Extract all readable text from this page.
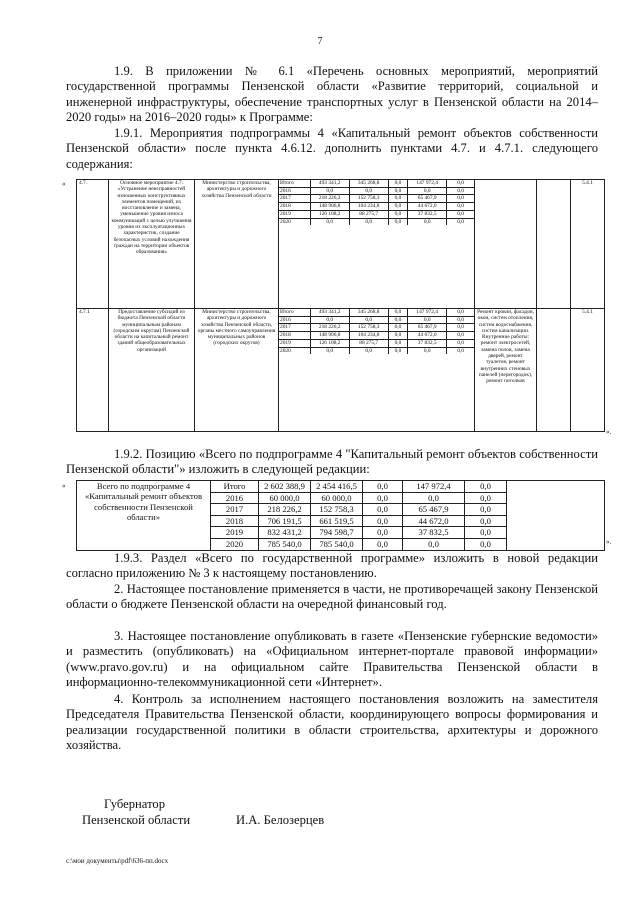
7

1.9. В приложении № 6.1 «Перечень основных мероприятий, мероприятий государственной программы Пензенской области «Развитие территорий, социальной и инженерной инфраструктуры, обеспечение транспортных услуг в Пензенской области на 2014–2020 годы» на 2016–2020 годы» к Программе:

1.9.1. Мероприятия подпрограммы 4 «Капитальный ремонт объектов собственности Пензенской области» после пункта 4.6.12. дополнить пунктами 4.7. и 4.7.1. следующего содержания:

«	4.7.	Основное мероприятие 4.7. «Устранение неисправностей изношенных конструктивных элементов помещений, их восстановление и замена, уменьшение уровня износа коммуникаций с целью улучшения уровня их эксплуатационных характеристик, создание безопасных условий нахождения граждан на территории объектов образования»	Министерство строительства, архитектуры и дорожного хозяйства Пензенской области	
Итого	493 341,2	345 268,8	0,0	147 972,4	0,0
2016	0,0	0,0	0,0	0,0	0,0
2017	218 226,2	152 758,3	0,0	65 467,9	0,0
2018	148 906,8	104 234,8	0,0	44 672,0	0,0
2019	126 108,2	88 275,7	0,0	37 832,5	0,0
2020	0,0	0,0	0,0	0,0	0,0
			5.4.1
4.7.1	Предоставление субсидий из бюджета Пензенской области муниципальным районам (городским округам) Пензенской области на капитальный ремонт зданий общеобразовательных организаций	Министерство строительства, архитектуры и дорожного хозяйства Пензенской области, органы местного самоуправления муниципальных районов (городских округов)	
Итого	493 341,2	345 268,8	0,0	147 972,4	0,0
2016	0,0	0,0	0,0	0,0	0,0
2017	218 226,2	152 758,3	0,0	65 467,9	0,0
2018	148 906,8	104 234,8	0,0	44 672,0	0,0
2019	126 108,2	88 275,7	0,0	37 832,5	0,0
2020	0,0	0,0	0,0	0,0	0,0
	Ремонт кровли, фасадов, окон, систем отопления, систем водоснабжения, систем канализации. Внутренние работы: ремонт электросетей, замена полов, замена дверей, ремонт туалетов, ремонт внутренних стеновых панелей (перегородок), ремонт потолков		5.4.1
».

1.9.2. Позицию «Всего по подпрограмме 4 "Капитальный ремонт объектов собственности Пензенской области"» изложить в следующей редакции:

«	Всего по подпрограмме 4 «Капитальный ремонт объектов собственности Пензенской области»	Итого	2 602 388,9	2 454 416,5	0,0	147 972,4	0,0	
	2016	60 000,0	60 000,0	0,0	0,0	0,0	
	2017	218 226,2	152 758,3	0,0	65 467,9	0,0	
	2018	706 191,5	661 519,5	0,0	44 672,0	0,0	
	2019	832 431,2	794 598,7	0,0	37 832,5	0,0	
	2020	785 540,0	785 540,0	0,0	0,0	0,0		».

1.9.3. Раздел «Всего по государственной программе» изложить в новой редакции согласно приложению № 3 к настоящему постановлению.

2. Настоящее постановление применяется в части, не противоречащей закону Пензенской области о бюджете Пензенской области на очередной финансовый год.

3. Настоящее постановление опубликовать в газете «Пензенские губернские ведомости» и разместить (опубликовать) на «Официальном интернет-портале правовой информации» (www.pravo.gov.ru) и на официальном сайте Правительства Пензенской области в информационно-телекоммуникационной сети «Интернет».

4. Контроль за исполнением настоящего постановления возложить на заместителя Председателя Правительства Пензенской области, координирующего вопросы формирования и реализации государственной политики в области строительства, архитектуры и дорожного хозяйства.

Губернатор
Пензенской области	И.А. Белозерцев
c:\мои документы\pdf\636-пп.docx
